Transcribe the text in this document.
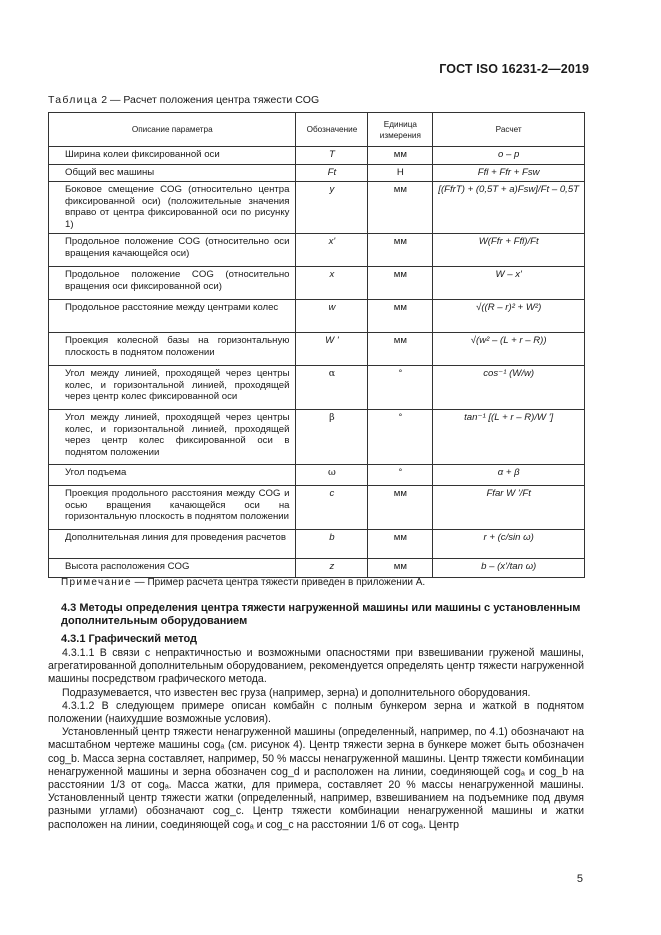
ГОСТ ISO 16231-2—2019
Таблица 2 — Расчет положения центра тяжести COG
Описание параметра	Обозначение	Единица измерения	Расчет
Ширина колеи фиксированной оси	T	мм	o – p
Общий вес машины	Ft	Н	Ffl + Ffr + Fsw
Боковое смещение COG (относительно центра фиксированной оси) (положительные значения вправо от центра фиксированной оси по рисунку 1)	y	мм	[(FfrT) + (0,5T + a)Fsw]/Ft – 0,5T
Продольное положение COG (относительно оси вращения качающейся оси)	x'	мм	W(Ffr + Ffl)/Ft
Продольное положение COG (относительно вращения оси фиксированной оси)	x	мм	W – x'
Продольное расстояние между центрами колес	w	мм	√((R – r)² + W²)
Проекция колесной базы на горизонтальную плоскость в поднятом положении	W '	мм	√(w² – (L + r – R))
Угол между линией, проходящей через центры колес, и горизонтальной линией, проходящей через центр колес фиксированной оси	α	°	cos⁻¹ (W/w)
Угол между линией, проходящей через центры колес, и горизонтальной линией, проходящей через центр колес фиксированной оси в поднятом положении	β	°	tan⁻¹ [(L + r – R)/W ']
Угол подъема	ω	°	α + β
Проекция продольного расстояния между COG и осью вращения качающейся оси на горизонтальную плоскость в поднятом положении	c	мм	Ffar W '/Ft
Дополнительная линия для проведения расчетов	b	мм	r + (c/sin ω)
Высота расположения COG	z	мм	b – (x'/tan ω)
Примечание — Пример расчета центра тяжести приведен в приложении А.
4.3 Методы определения центра тяжести нагруженной машины или машины с установленным дополнительным оборудованием
4.3.1 Графический метод

4.3.1.1 В связи с непрактичностью и возможными опасностями при взвешивании груженой машины, агрегатированной дополнительным оборудованием, рекомендуется определять центр тяжести нагруженной машины посредством графического метода.

Подразумевается, что известен вес груза (например, зерна) и дополнительного оборудования.

4.3.1.2 В следующем примере описан комбайн с полным бункером зерна и жаткой в поднятом положении (наихудшие возможные условия).

Установленный центр тяжести ненагруженной машины (определенный, например, по 4.1) обозначают на масштабном чертеже машины cogₐ (см. рисунок 4). Центр тяжести зерна в бункере может быть обозначен cog_b. Масса зерна составляет, например, 50 % массы ненагруженной машины. Центр тяжести комбинации ненагруженной машины и зерна обозначен cog_d и расположен на линии, соединяющей cogₐ и cog_b на расстоянии 1/3 от cogₐ. Масса жатки, для примера, составляет 20 % массы ненагруженной машины. Установленный центр тяжести жатки (определенный, например, взвешиванием на подъемнике под двумя разными углами) обозначают cog_c. Центр тяжести комбинации ненагруженной машины и жатки расположен на линии, соединяющей cogₐ и cog_c на расстоянии 1/6 от cogₐ. Центр

5
